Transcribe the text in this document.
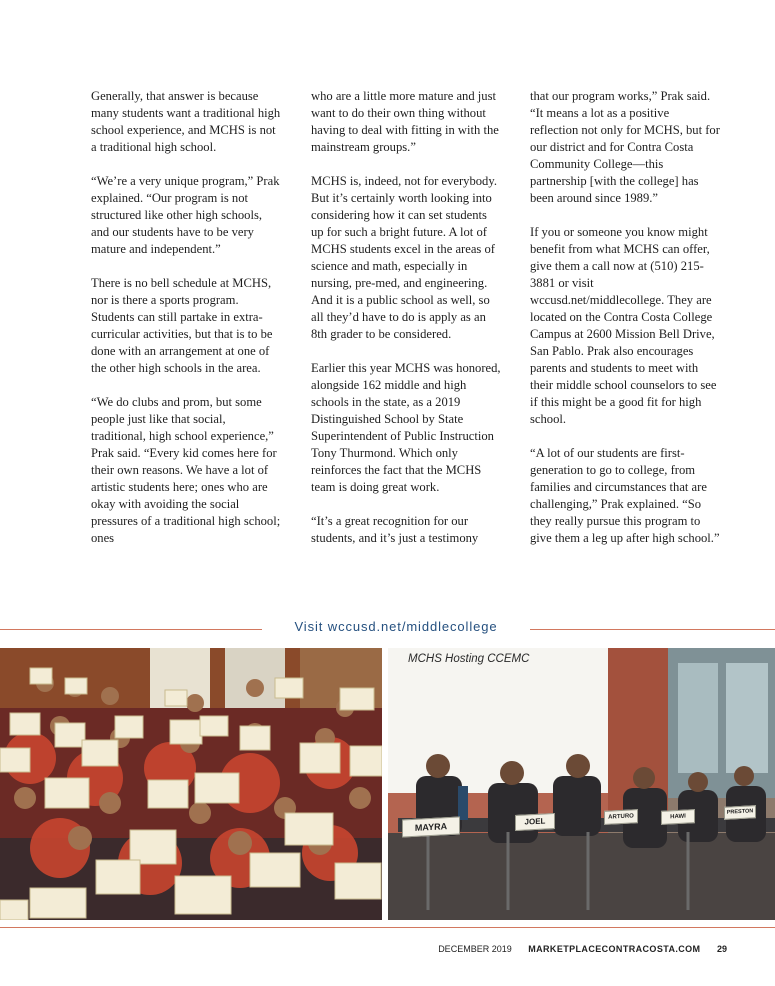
Generally, that answer is because many students want a traditional high school experience, and MCHS is not a traditional high school.

“We’re a very unique program,” Prak explained. “Our program is not structured like other high schools, and our students have to be very mature and independent.”

There is no bell schedule at MCHS, nor is there a sports program. Students can still partake in extra-curricular activities, but that is to be done with an arrangement at one of the other high schools in the area.

“We do clubs and prom, but some people just like that social, traditional, high school experience,” Prak said. “Every kid comes here for their own reasons. We have a lot of artistic students here; ones who are okay with avoiding the social pressures of a traditional high school; ones

who are a little more mature and just want to do their own thing without having to deal with fitting in with the mainstream groups.”

MCHS is, indeed, not for everybody. But it’s certainly worth looking into considering how it can set students up for such a bright future. A lot of MCHS students excel in the areas of science and math, especially in nursing, pre-med, and engineering. And it is a public school as well, so all they’d have to do is apply as an 8th grader to be considered.

Earlier this year MCHS was honored, alongside 162 middle and high schools in the state, as a 2019 Distinguished School by State Superintendent of Public Instruction Tony Thurmond. Which only reinforces the fact that the MCHS team is doing great work.

“It’s a great recognition for our students, and it’s just a testimony

that our program works,” Prak said. “It means a lot as a positive reflection not only for MCHS, but for our district and for Contra Costa Community College—this partnership [with the college] has been around since 1989.”

If you or someone you know might benefit from what MCHS can offer, give them a call now at (510) 215-3881 or visit wccusd.net/middlecollege. They are located on the Contra Costa College Campus at 2600 Mission Bell Drive, San Pablo. Prak also encourages parents and students to meet with their middle school counselors to see if this might be a good fit for high school.

“A lot of our students are first-generation to go to college, from families and circumstances that are challenging,” Prak explained. “So they really pursue this program to give them a leg up after high school.”

Visit wccusd.net/middlecollege
MCHS Hosting CCEMC
MAYRA	JOEL	ARTURO	HAWI
PRESTON
DECEMBER 2019 MARKETPLACECONTRACOSTA.COM 29
